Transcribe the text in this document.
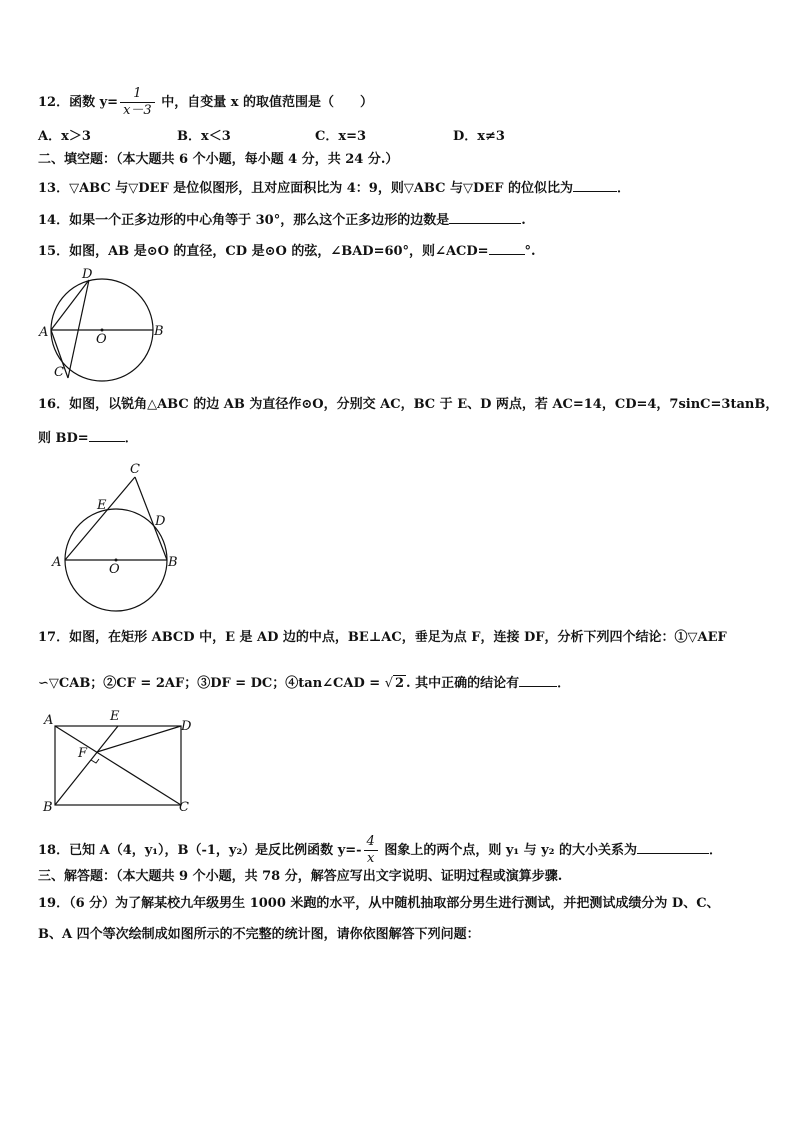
12．函数 $y= \frac{1}{x-3}$ 中，自变量 x 的取值范围是（　　）
A．x＞3	B．x＜3	C．x=3	D．x≠3
二、填空题：（本大题共 6 个小题，每小题 4 分，共 24 分.）
13．▽ABC 与▽DEF 是位似图形，且对应面积比为 4：9，则▽ABC 与▽DEF 的位似比为	．
14．如果一个正多边形的中心角等于 30°，那么这个正多边形的边数是	.
15．如图，AB 是⊙O 的直径，CD 是⊙O 的弦，∠BAD=60°，则∠ACD=	°.
D
A	B
O
C
16．如图，以锐角△ABC 的边 AB 为直径作⊙O，分别交 AC，BC 于 E、D 两点，若 AC=14，CD=4，7sinC=3tanB，
则 BD=	．
C
E
D
A	B
O
17．如图，在矩形 ABCD 中，E 是 AD 边的中点，BE⊥AC，垂足为点 F，连接 DF，分析下列四个结论：①▽AEF
∽▽CAB；②CF = 2AF；③DF = DC；④tan∠CAD = √ 2 . 其中正确的结论有	．
A	E
D
F
B	C
18．已知 A（4，y₁），B（-1，y₂）是反比例函数 $y=- \frac{4}{x}$ 图象上的两个点，则 y₁ 与 y₂ 的大小关系为	．
三、解答题：（本大题共 9 个小题，共 78 分，解答应写出文字说明、证明过程或演算步骤.
19．（6 分）为了解某校九年级男生 1000 米跑的水平，从中随机抽取部分男生进行测试，并把测试成绩分为 D、C、
B、A 四个等次绘制成如图所示的不完整的统计图，请你依图解答下列问题：
